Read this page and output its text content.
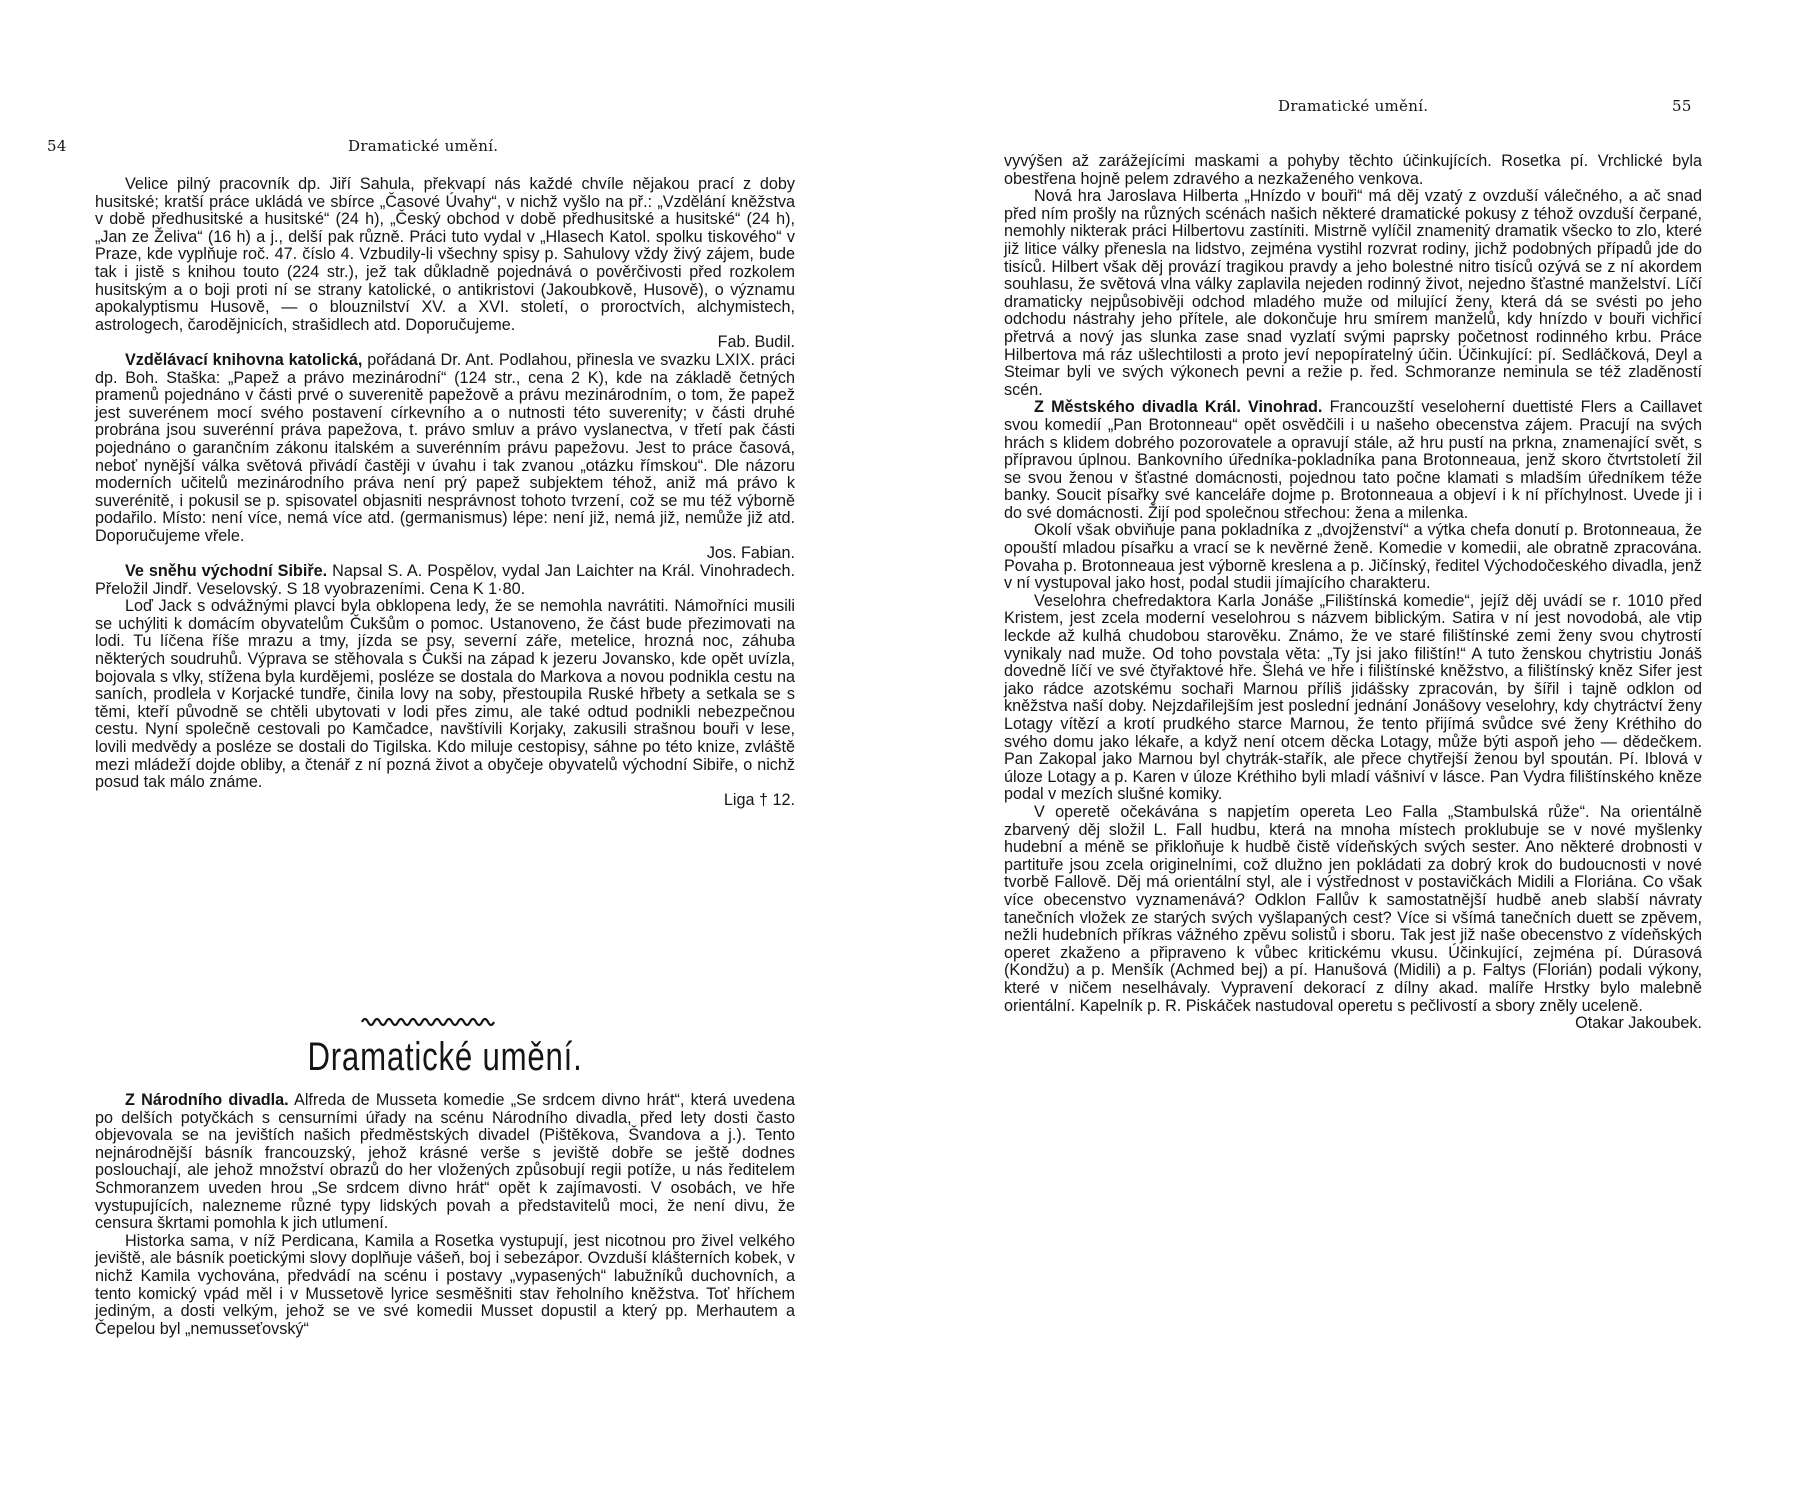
54	Dramatické umění.

Velice pilný pracovník dp. Jiří Sahula, překvapí nás každé chvíle nějakou prací z doby husitské; kratší práce ukládá ve sbírce „Časové Úvahy“, v nichž vyšlo na př.: „Vzdělání kněžstva v době předhusitské a husitské“ (24 h), „Český obchod v době předhusitské a husitské“ (24 h), „Jan ze Želiva“ (16 h) a j., delší pak různě. Práci tuto vydal v „Hlasech Katol. spolku tiskového“ v Praze, kde vyplňuje roč. 47. číslo 4. Vzbudily-li všechny spisy p. Sahulovy vždy živý zájem, bude tak i jistě s knihou touto (224 str.), jež tak důkladně pojednává o pověrčivosti před rozkolem husitským a o boji proti ní se strany katolické, o antikristovi (Jakoubkově, Husově), o významu apokalyptismu Husově, — o blouznilství XV. a XVI. století, o proroctvích, alchymistech, astrologech, čarodějnicích, strašidlech atd. Doporučujeme.

Fab. Budil.

Vzdělávací knihovna katolická, pořádaná Dr. Ant. Podlahou, přinesla ve svazku LXIX. práci dp. Boh. Staška: „Papež a právo mezinárodní“ (124 str., cena 2 K), kde na základě četných pramenů pojednáno v části prvé o suverenitě papežově a právu mezinárodním, o tom, že papež jest suverénem mocí svého postavení církevního a o nutnosti této suverenity; v části druhé probrána jsou suverénní práva papežova, t. právo smluv a právo vyslanectva, v třetí pak části pojednáno o garančním zákonu italském a suverénním právu papežovu. Jest to práce časová, neboť nynější válka světová přivádí častěji v úvahu i tak zvanou „otázku římskou“. Dle názoru moderních učitelů mezinárodního práva není prý papež subjektem téhož, aniž má právo k suverénitě, i pokusil se p. spisovatel objasniti nesprávnost tohoto tvrzení, což se mu též výborně podařilo. Místo: není více, nemá více atd. (germanismus) lépe: není již, nemá již, nemůže již atd. Doporučujeme vřele.

Jos. Fabian.

Ve sněhu východní Sibiře. Napsal S. A. Pospělov, vydal Jan Laichter na Král. Vinohradech. Přeložil Jindř. Veselovský. S 18 vyobrazeními. Cena K 1·80.

Loď Jack s odvážnými plavci byla obklopena ledy, že se nemohla navrátiti. Námořníci musili se uchýliti k domácím obyvatelům Čukšům o pomoc. Ustanoveno, že část bude přezimovati na lodi. Tu líčena říše mrazu a tmy, jízda se psy, severní záře, metelice, hrozná noc, záhuba některých soudruhů. Výprava se stěhovala s Čukši na západ k jezeru Jovansko, kde opět uvízla, bojovala s vlky, stížena byla kurdějemi, posléze se dostala do Markova a novou podnikla cestu na saních, prodlela v Korjacké tundře, činila lovy na soby, přestoupila Ruské hřbety a setkala se s těmi, kteří původně se chtěli ubytovati v lodi přes zimu, ale také odtud podnikli nebezpečnou cestu. Nyní společně cestovali po Kamčadce, navštívili Korjaky, zakusili strašnou bouři v lese, lovili medvědy a posléze se dostali do Tigilska. Kdo miluje cestopisy, sáhne po této knize, zvláště mezi mládeží dojde obliby, a čtenář z ní pozná život a obyčeje obyvatelů východní Sibiře, o nichž posud tak málo známe.

Liga † 12.
Dramatické umění.

Z Národního divadla. Alfreda de Musseta komedie „Se srdcem divno hrát“, která uvedena po delších potyčkách s censurními úřady na scénu Národního divadla, před lety dosti často objevovala se na jevištích našich předměstských divadel (Pištěkova, Švandova a j.). Tento nejnárodnější básník francouzský, jehož krásné verše s jeviště dobře se ještě dodnes poslouchají, ale jehož množství obrazů do her vložených způsobují regii potíže, u nás ředitelem Schmoranzem uveden hrou „Se srdcem divno hrát“ opět k zajímavosti. V osobách, ve hře vystupujících, nalezneme různé typy lidských povah a představitelů moci, že není divu, že censura škrtami pomohla k jich utlumení.

Historka sama, v níž Perdicana, Kamila a Rosetka vystupují, jest nicotnou pro živel velkého jeviště, ale básník poetickými slovy doplňuje vášeň, boj i sebezápor. Ovzduší klášterních kobek, v nichž Kamila vychována, předvádí na scénu i postavy „vypasených“ labužníků duchovních, a tento komický vpád měl i v Mussetově lyrice sesměšniti stav řeholního kněžstva. Toť hříchem jediným, a dosti velkým, jehož se ve své komedii Musset dopustil a který pp. Merhautem a Čepelou byl „nemusseťovský“

Dramatické umění.	55

vyvýšen až zarážejícími maskami a pohyby těchto účinkujících. Rosetka pí. Vrchlické byla obestřena hojně pelem zdravého a nezkaženého venkova.

Nová hra Jaroslava Hilberta „Hnízdo v bouři“ má děj vzatý z ovzduší válečného, a ač snad před ním prošly na různých scénách našich některé dramatické pokusy z téhož ovzduší čerpané, nemohly nikterak práci Hilbertovu zastíniti. Mistrně vylíčil znamenitý dramatik všecko to zlo, které již litice války přenesla na lidstvo, zejména vystihl rozvrat rodiny, jichž podobných případů jde do tisíců. Hilbert však děj provází tragikou pravdy a jeho bolestné nitro tisíců ozývá se z ní akordem souhlasu, že světová vlna války zaplavila nejeden rodinný život, nejedno šťastné manželství. Líčí dramaticky nejpůsobivěji odchod mladého muže od milující ženy, která dá se svésti po jeho odchodu nástrahy jeho přítele, ale dokončuje hru smírem manželů, kdy hnízdo v bouři vichřicí přetrvá a nový jas slunka zase snad vyzlatí svými paprsky početnost rodinného krbu. Práce Hilbertova má ráz ušlechtilosti a proto jeví nepopíratelný účin. Účinkující: pí. Sedláčková, Deyl a Steimar byli ve svých výkonech pevni a režie p. řed. Schmoranze neminula se též zladěností scén.

Z Městského divadla Král. Vinohrad. Francouzští veseloherní duettisté Flers a Caillavet svou komedií „Pan Brotonneau“ opět osvědčili i u našeho obecenstva zájem. Pracují na svých hrách s klidem dobrého pozorovatele a opravují stále, až hru pustí na prkna, znamenající svět, s přípravou úplnou. Bankovního úředníka-pokladníka pana Brotonneaua, jenž skoro čtvrtstoletí žil se svou ženou v šťastné domácnosti, pojednou tato počne klamati s mladším úředníkem téže banky. Soucit písařky své kanceláře dojme p. Brotonneaua a objeví i k ní příchylnost. Uvede ji i do své domácnosti. Žijí pod společnou střechou: žena a milenka.

Okolí však obviňuje pana pokladníka z „dvojženství“ a výtka chefa donutí p. Brotonneaua, že opouští mladou písařku a vrací se k nevěrné ženě. Komedie v komedii, ale obratně zpracována. Povaha p. Brotonneaua jest výborně kreslena a p. Jičínský, ředitel Východočeského divadla, jenž v ní vystupoval jako host, podal studii jímajícího charakteru.

Veselohra chefredaktora Karla Jonáše „Filištínská komedie“, jejíž děj uvádí se r. 1010 před Kristem, jest zcela moderní veselohrou s názvem biblickým. Satira v ní jest novodobá, ale vtip leckde až kulhá chudobou starověku. Známo, že ve staré filištínské zemi ženy svou chytrostí vynikaly nad muže. Od toho povstala věta: „Ty jsi jako filištín!“ A tuto ženskou chytristiu Jonáš dovedně líčí ve své čtyřaktové hře. Šlehá ve hře i filištínské kněžstvo, a filištínský kněz Sifer jest jako rádce azotskému sochaři Marnou příliš jidášsky zpracován, by šířil i tajně odklon od kněžstva naší doby. Nejzdařilejším jest poslední jednání Jonášovy veselohry, kdy chytráctví ženy Lotagy vítězí a krotí prudkého starce Marnou, že tento přijímá svůdce své ženy Kréthiho do svého domu jako lékaře, a když není otcem děcka Lotagy, může býti aspoň jeho — dědečkem. Pan Zakopal jako Marnou byl chytrák-stařík, ale přece chytřejší ženou byl spoután. Pí. Iblová v úloze Lotagy a p. Karen v úloze Kréthiho byli mladí vášniví v lásce. Pan Vydra filištínského kněze podal v mezích slušné komiky.

V operetě očekávána s napjetím opereta Leo Falla „Stambulská růže“. Na orientálně zbarvený děj složil L. Fall hudbu, která na mnoha místech proklubuje se v nové myšlenky hudební a méně se přikloňuje k hudbě čistě vídeňských svých sester. Ano některé drobnosti v partituře jsou zcela originelními, což dlužno jen pokládati za dobrý krok do budoucnosti v nové tvorbě Fallově. Děj má orientální styl, ale i výstřednost v postavičkách Midili a Floriána. Co však více obecenstvo vyznamenává? Odklon Fallův k samostatnější hudbě aneb slabší návraty tanečních vložek ze starých svých vyšlapaných cest? Více si všímá tanečních duett se zpěvem, nežli hudebních příkras vážného zpěvu solistů i sboru. Tak jest již naše obecenstvo z vídeňských operet zkaženo a připraveno k vůbec kritickému vkusu. Účinkující, zejména pí. Dúrasová (Kondžu) a p. Menšík (Achmed bej) a pí. Hanušová (Midili) a p. Faltys (Florián) podali výkony, které v ničem neselhávaly. Vypravení dekorací z dílny akad. malíře Hrstky bylo malebně orientální. Kapelník p. R. Piskáček nastudoval operetu s pečlivostí a sbory zněly uceleně.

Otakar Jakoubek.
